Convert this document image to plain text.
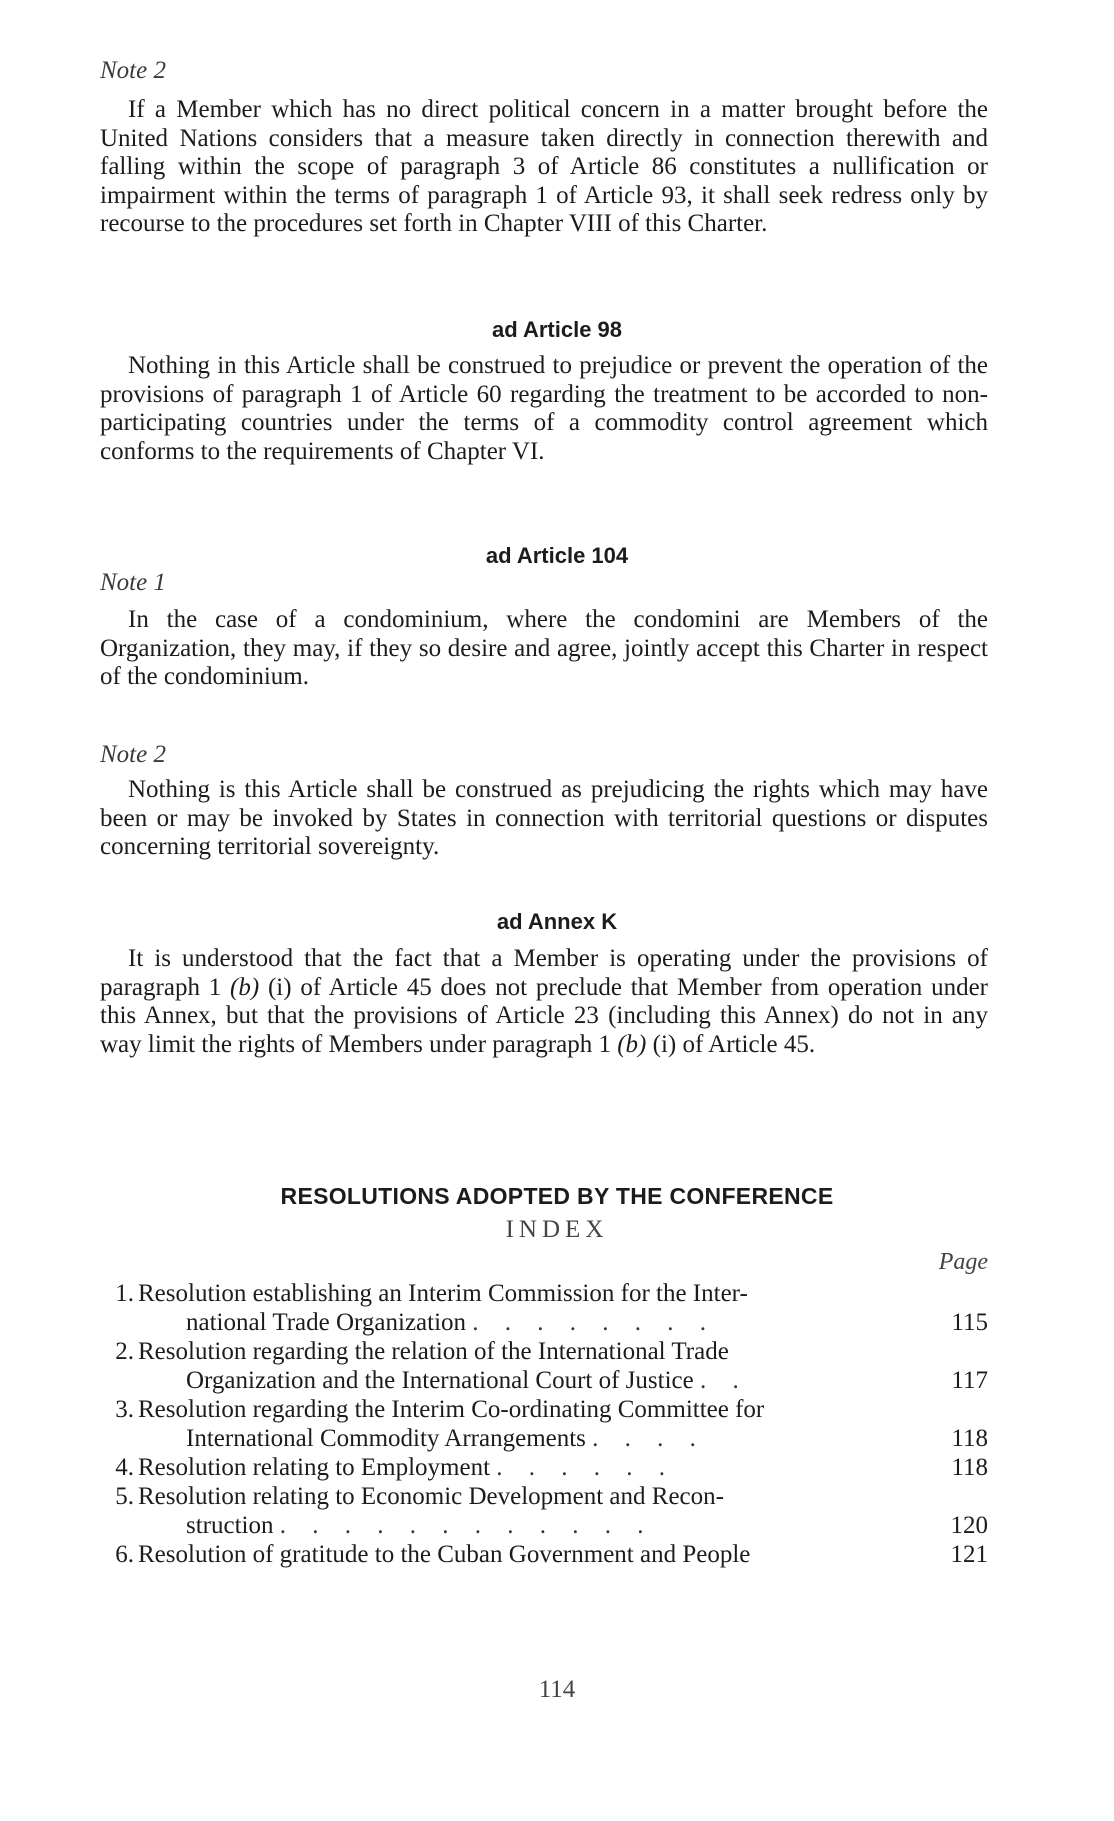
Note 2

If a Member which has no direct political concern in a matter brought before the United Nations considers that a measure taken directly in connection therewith and falling within the scope of paragraph 3 of Article 86 constitutes a nullification or impairment within the terms of paragraph 1 of Article 93, it shall seek redress only by recourse to the procedures set forth in Chapter VIII of this Charter.

ad Article 98

Nothing in this Article shall be construed to prejudice or prevent the operation of the provisions of paragraph 1 of Article 60 regarding the treatment to be accorded to non-participating countries under the terms of a commodity control agreement which conforms to the requirements of Chapter VI.

ad Article 104
Note 1

In the case of a condominium, where the condomini are Members of the Organization, they may, if they so desire and agree, jointly accept this Charter in respect of the condominium.

Note 2

Nothing is this Article shall be construed as prejudicing the rights which may have been or may be invoked by States in connection with territorial questions or disputes concerning territorial sovereignty.

ad Annex K

It is understood that the fact that a Member is operating under the provisions of paragraph 1 (b) (i) of Article 45 does not preclude that Member from operation under this Annex, but that the provisions of Article 23 (including this Annex) do not in any way limit the rights of Members under paragraph 1 (b) (i) of Article 45.

RESOLUTIONS ADOPTED BY THE CONFERENCE
INDEX
Page
1. Resolution establishing an Interim Commission for the Inter-
national Trade Organization . . . . . . . .	115
2. Resolution regarding the relation of the International Trade
Organization and the International Court of Justice . .	117
3. Resolution regarding the Interim Co-ordinating Committee for
International Commodity Arrangements . . . .	118
4. Resolution relating to Employment . . . . . .	118
5. Resolution relating to Economic Development and Recon-
struction . . . . . . . . . . . .	120
6. Resolution of gratitude to the Cuban Government and People	121
114
